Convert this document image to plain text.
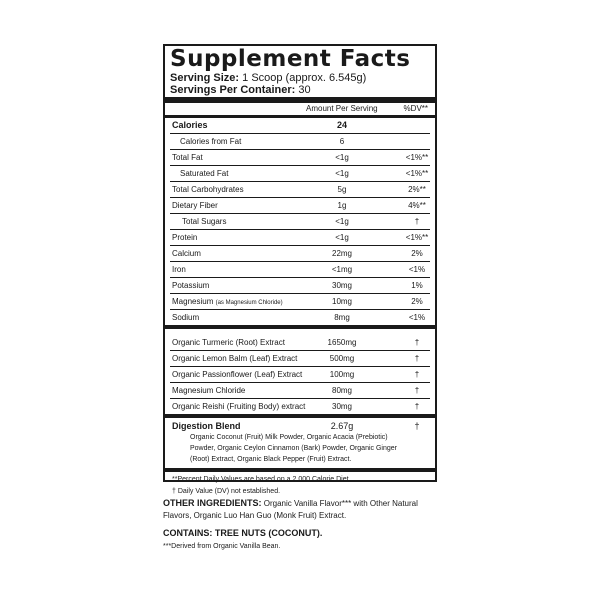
Supplement Facts
Serving Size: 1 Scoop (approx. 6.545g)
Servings Per Container: 30
Amount Per Serving	%DV**
Calories	24
Calories from Fat	6
Total Fat	<1g	<1%**
Saturated Fat	<1g	<1%**
Total Carbohydrates	5g	2%**
Dietary Fiber	1g	4%**
Total Sugars	<1g	†
Protein	<1g	<1%**
Calcium	22mg	2%
Iron	<1mg	<1%
Potassium	30mg	1%
Magnesium (as Magnesium Chloride)	10mg	2%
Sodium	8mg	<1%
Organic Turmeric (Root) Extract	1650mg	†
Organic Lemon Balm (Leaf) Extract	500mg	†
Organic Passionflower (Leaf) Extract	100mg	†
Magnesium Chloride	80mg	†
Organic Reishi (Fruiting Body) extract	30mg	†
Digestion Blend	2.67g	†
Organic Coconut (Fruit) Milk Powder, Organic Acacia (Prebiotic) Powder, Organic Ceylon Cinnamon (Bark) Powder, Organic Ginger (Root) Extract, Organic Black Pepper (Fruit) Extract.
**Percent Daily Values are based on a 2,000 Calorie Diet.
† Daily Value (DV) not established.
OTHER INGREDIENTS: Organic Vanilla Flavor*** with Other Natural Flavors, Organic Luo Han Guo (Monk Fruit) Extract.
CONTAINS: TREE NUTS (COCONUT).
***Derived from Organic Vanilla Bean.
